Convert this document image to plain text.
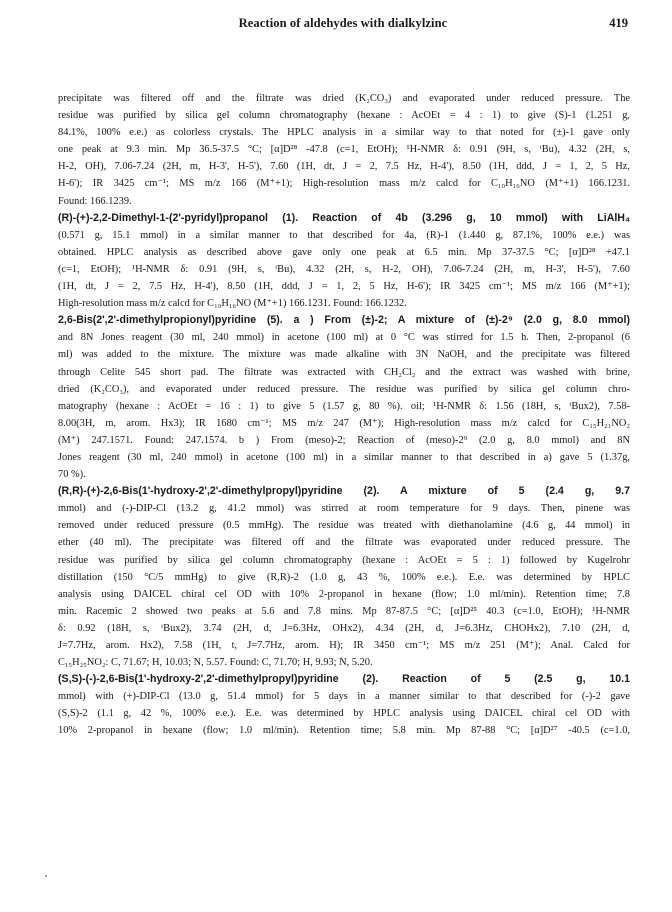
Reaction of aldehydes with dialkylzinc	419
precipitate was filtered off and the filtrate was dried (K₂CO₃) and evaporated under reduced pressure. The
residue was purified by silica gel column chromatography (hexane : AcOEt = 4 : 1) to give (S)-1 (1.251 g,
84.1%, 100% e.e.) as colorless crystals. The HPLC analysis in a similar way to that noted for (±)-1 gave only
one peak at 9.3 min. Mp 36.5-37.5 °C; [α]D²⁸ -47.8 (c=1, EtOH); ¹H-NMR δ: 0.91 (9H, s, ᵗBu), 4.32 (2H, s,
H-2, OH), 7.06-7.24 (2H, m, H-3', H-5'), 7.60 (1H, dt, J = 2, 7.5 Hz, H-4'), 8.50 (1H, ddd, J = 1, 2, 5 Hz,
H-6'); IR 3425 cm⁻¹; MS m/z 166 (M⁺+1); High-resolution mass m/z calcd for C₁₀H₁₆NO (M⁺+1) 166.1231.
Found: 166.1239.
(R)-(+)-2,2-Dimethyl-1-(2'-pyridyl)propanol (1). Reaction of 4b (3.296 g, 10 mmol) with LiAlH₄
(0.571 g, 15.1 mmol) in a similar manner to that described for 4a, (R)-1 (1.440 g, 87.1%, 100% e.e.) was
obtained. HPLC analysis as described above gave only one peak at 6.5 min. Mp 37-37.5 °C; [α]D²⁸ +47.1
(c=1, EtOH); ¹H-NMR δ: 0.91 (9H, s, ᵗBu), 4.32 (2H, s, H-2, OH), 7.06-7.24 (2H, m, H-3', H-5'), 7.60
(1H, dt, J = 2, 7.5 Hz, H-4'), 8.50 (1H, ddd, J = 1, 2, 5 Hz, H-6'); IR 3425 cm⁻¹; MS m/z 166 (M⁺+1);
High-resolution mass m/z calcd for C₁₀H₁₆NO (M⁺+1) 166.1231. Found: 166.1232.
2,6-Bis(2',2'-dimethylpropionyl)pyridine (5). a ) From (±)-2; A mixture of (±)-2⁹ (2.0 g, 8.0 mmol)
and 8N Jones reagent (30 ml, 240 mmol) in acetone (100 ml) at 0 °C was stirred for 1.5 h. Then, 2-propanol (6
ml) was added to the mixture. The mixture was made alkaline with 3N NaOH, and the precipitate was filtered
through Celite 545 short pad. The filtrate was extracted with CH₂Cl₂ and the extract was washed with brine,
dried (K₂CO₃), and evaporated under reduced pressure. The residue was purified by silica gel column chro-
matography (hexane : AcOEt = 16 : 1) to give 5 (1.57 g, 80 %). oil; ¹H-NMR δ: 1.56 (18H, s, ᵗBux2), 7.58-
8.00(3H, m, arom. Hx3); IR 1680 cm⁻¹; MS m/z 247 (M⁺); High-resolution mass m/z calcd for C₁₅H₂₁NO₂
(M⁺) 247.1571. Found: 247.1574. b ) From (meso)-2; Reaction of (meso)-2⁹ (2.0 g, 8.0 mmol) and 8N
Jones reagent (30 ml, 240 mmol) in acetone (100 ml) in a similar manner to that described in a) gave 5 (1.37g,
70 %).
(R,R)-(+)-2,6-Bis(1'-hydroxy-2',2'-dimethylpropyl)pyridine (2). A mixture of 5 (2.4 g, 9.7
mmol) and (-)-DIP-Cl (13.2 g, 41.2 mmol) was stirred at room temperature for 9 days. Then, pinene was
removed under reduced pressure (0.5 mmHg). The residue was treated with diethanolamine (4.6 g, 44 mmol) in
ether (40 ml). The precipitate was filtered off and the filtrate was evaporated under reduced pressure. The
residue was purified by silica gel column chromatography (hexane : AcOEt = 5 : 1) followed by Kugelrohr
distillation (150 °C/5 mmHg) to give (R,R)-2 (1.0 g, 43 %, 100% e.e.). E.e. was determined by HPLC
analysis using DAICEL chiral cel OD with 10% 2-propanol in hexane (flow; 1.0 ml/min). Retention time; 7.8
min. Racemic 2 showed two peaks at 5.6 and 7.8 mins. Mp 87-87.5 °C; [α]D²⁵ 40.3 (c=1.0, EtOH); ¹H-NMR
δ: 0.92 (18H, s, ᵗBux2), 3.74 (2H, d, J=6.3Hz, OHx2), 4.34 (2H, d, J=6.3Hz, CHOHx2), 7.10 (2H, d,
J=7.7Hz, arom. Hx2), 7.58 (1H, t, J=7.7Hz, arom. H); IR 3450 cm⁻¹; MS m/z 251 (M⁺); Anal. Calcd for
C₁₅H₂₅NO₂: C, 71.67; H, 10.03; N, 5.57. Found: C, 71.70; H, 9.93; N, 5.20.
(S,S)-(-)-2,6-Bis(1'-hydroxy-2',2'-dimethylpropyl)pyridine (2). Reaction of 5 (2.5 g, 10.1
mmol) with (+)-DIP-Cl (13.0 g, 51.4 mmol) for 5 days in a manner similar to that described for (-)-2 gave
(S,S)-2 (1.1 g, 42 %, 100% e.e.). E.e. was determined by HPLC analysis using DAICEL chiral cel OD with
10% 2-propanol in hexane (flow; 1.0 ml/min). Retention time; 5.8 min. Mp 87-88 °C; [α]D²⁷ -40.5 (c=1.0,
